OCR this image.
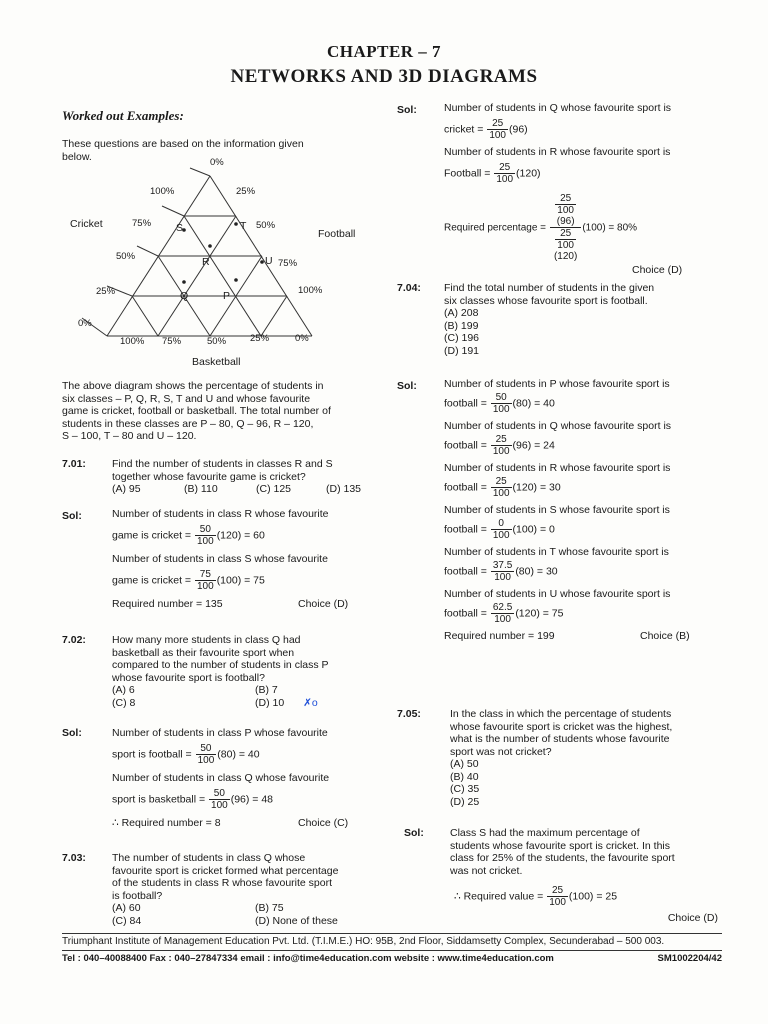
CHAPTER – 7
NETWORKS AND 3D DIAGRAMS
Worked out Examples:
These questions are based on the information given
below.	0%
100%	25%
Cricket	75% S	T 50%
Football
50%	R	U 75%
25%	Q	P	100%
0%
100% 75%	50%	25%	0%
Basketball
The above diagram shows the percentage of students in
six classes – P, Q, R, S, T and U and whose favourite
game is cricket, football or basketball. The total number of
students in these classes are P – 80, Q – 96, R – 120,
S – 100, T – 80 and U – 120.
7.01: Find the number of students in classes R and S
together whose favourite game is cricket?
(A) 95	(B) 110	(C) 125	(D) 135
Sol:	Number of students in class R whose favourite
game is cricket = $\frac{50}{100} (120) = 60$
Number of students in class S whose favourite
game is cricket = $\frac{75}{100} (100) = 75$
Required number = 135	Choice (D)
7.02: How many more students in class Q had
basketball as their favourite sport when
compared to the number of students in class P
whose favourite sport is football?
(A) 6	(B) 7
(C) 8	(D) 10 ✗o
Sol:	Number of students in class P whose favourite
sport is football = $\frac{50}{100} (80) = 40$
Number of students in class Q whose favourite
sport is basketball = $\frac{50}{100} (96) = 48$
∴ Required number = 8	Choice (C)
7.03: The number of students in class Q whose
favourite sport is cricket formed what percentage
of the students in class R whose favourite sport
is football?
(A) 60	(B) 75
(C) 84	(D) None of these
Sol:	Number of students in Q whose favourite sport is
cricket = $\frac{25}{100} (96)$
Number of students in R whose favourite sport is
Football = $\frac{25}{100} (120)$
Required percentage = 25
100
(96)
25
100
(120) (100) = 80%
Choice (D)
7.04: Find the total number of students in the given
six classes whose favourite sport is football.
(A) 208
(B) 199
(C) 196
(D) 191
Sol:	Number of students in P whose favourite sport is
football = $\frac{50}{100} (80) = 40$
Number of students in Q whose favourite sport is
football = $\frac{25}{100} (96) = 24$
Number of students in R whose favourite sport is
football = $\frac{25}{100} (120) = 30$
Number of students in S whose favourite sport is
football = $\frac{0}{100} (100) = 0$
Number of students in T whose favourite sport is
football = $\frac{37.5}{100} (80) = 30$
Number of students in U whose favourite sport is
football = $\frac{62.5}{100} (120) = 75$
Required number = 199	Choice (B)
7.05:	In the class in which the percentage of students
whose favourite sport is cricket was the highest,
what is the number of students whose favourite
sport was not cricket?
(A) 50
(B) 40
(C) 35
(D) 25
Sol: Class S had the maximum percentage of
students whose favourite sport is cricket. In this
class for 25% of the students, the favourite sport
was not cricket.
∴ Required value = $\frac{25}{100} (100) = 25$
Choice (D)
Triumphant Institute of Management Education Pvt. Ltd. (T.I.M.E.) HO: 95B, 2nd Floor, Siddamsetty Complex, Secunderabad – 500 003.
Tel : 040–40088400 Fax : 040–27847334 email : info@time4education.com website : www.time4education.com	SM1002204/42
